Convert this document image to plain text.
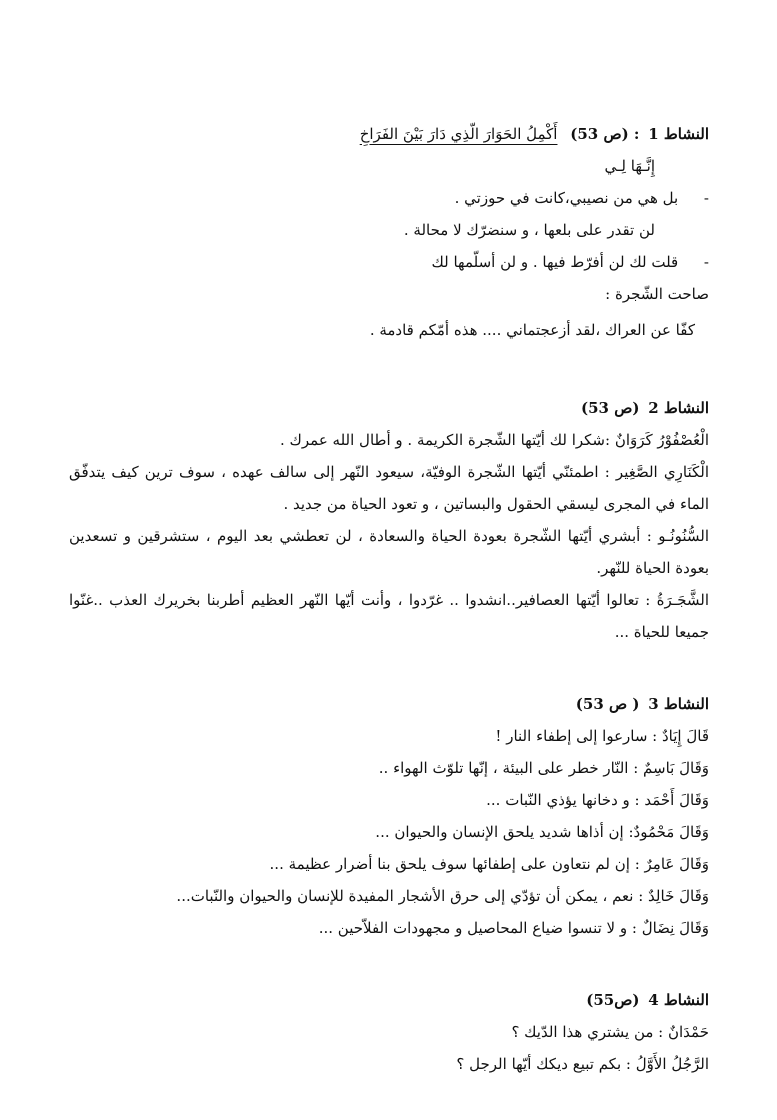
النشاط 1 : (ص 53) أَكْمِلُ الحَوَارَ الّذِي دَارَ بَيْنَ الفَرَاخِ
إِنَّـهَا لِـي
- بل هي من نصيبي،كانت في حوزتي .
لن تقدر على بلعها ، و سنضرّك لا محالة .
- قلت لك لن أفرّط فيها . و لن أسلّمها لك
صاحت الشّجرة :
كفّا عن العراك ،لقد أزعجتماني .... هذه أمّكم قادمة .
النشاط 2 (ص 53)
الْعُصْفُوْرُ كَرَوَانٌ :شكرا لك أيّتها الشّجرة الكريمة . و أطال الله عمرك .
الْكَنَارِي الصَّغِير : اطمئنّي أيّتها الشّجرة الوفيّة، سيعود النّهر إلى سالف عهده ، سوف ترين كيف يتدفّق الماء في المجرى ليسقي الحقول والبساتين ، و تعود الحياة من جديد .
السُّنُونُـو : أبشري أيّتها الشّجرة بعودة الحياة والسعادة ، لن تعطشي بعد اليوم ، ستشرقين و تسعدين بعودة الحياة للنّهر.
الشَّجَـرَةُ : تعالوا أيّتها العصافير..انشدوا .. غرّدوا ، وأنت أيّها النّهر العظيم أطربنا بخريرك العذب ..غنّوا جميعا للحياة ...
النشاط 3 ( ص 53)
قَالَ إِيَادٌ : سارعوا إلى إطفاء النار !
وَقَالَ بَاسِمٌ : النّار خطر على البيئة ، إنّها تلوّث الهواء ..
وَقَالَ أَحْمَد : و دخانها يؤذي النّبات ...
وَقَالَ مَحْمُودٌ: إن أذاها شديد يلحق الإنسان والحيوان ...
وَقَالَ عَامِرٌ : إن لم نتعاون على إطفائها سوف يلحق بنا أضرار عظيمة ...
وَقَالَ خَالِدٌ : نعم ، يمكن أن تؤدّي إلى حرق الأشجار المفيدة للإنسان والحيوان والنّبات...
وَقَالَ نِضَالٌ : و لا تنسوا ضياع المحاصيل و مجهودات الفلاّحين ...
النشاط 4 (ص55)
حَمْدَانٌ : من يشتري هذا الدّيك ؟
الرَّجُلُ الأَوَّلُ : بكم تبيع ديكك أيّها الرجل ؟
